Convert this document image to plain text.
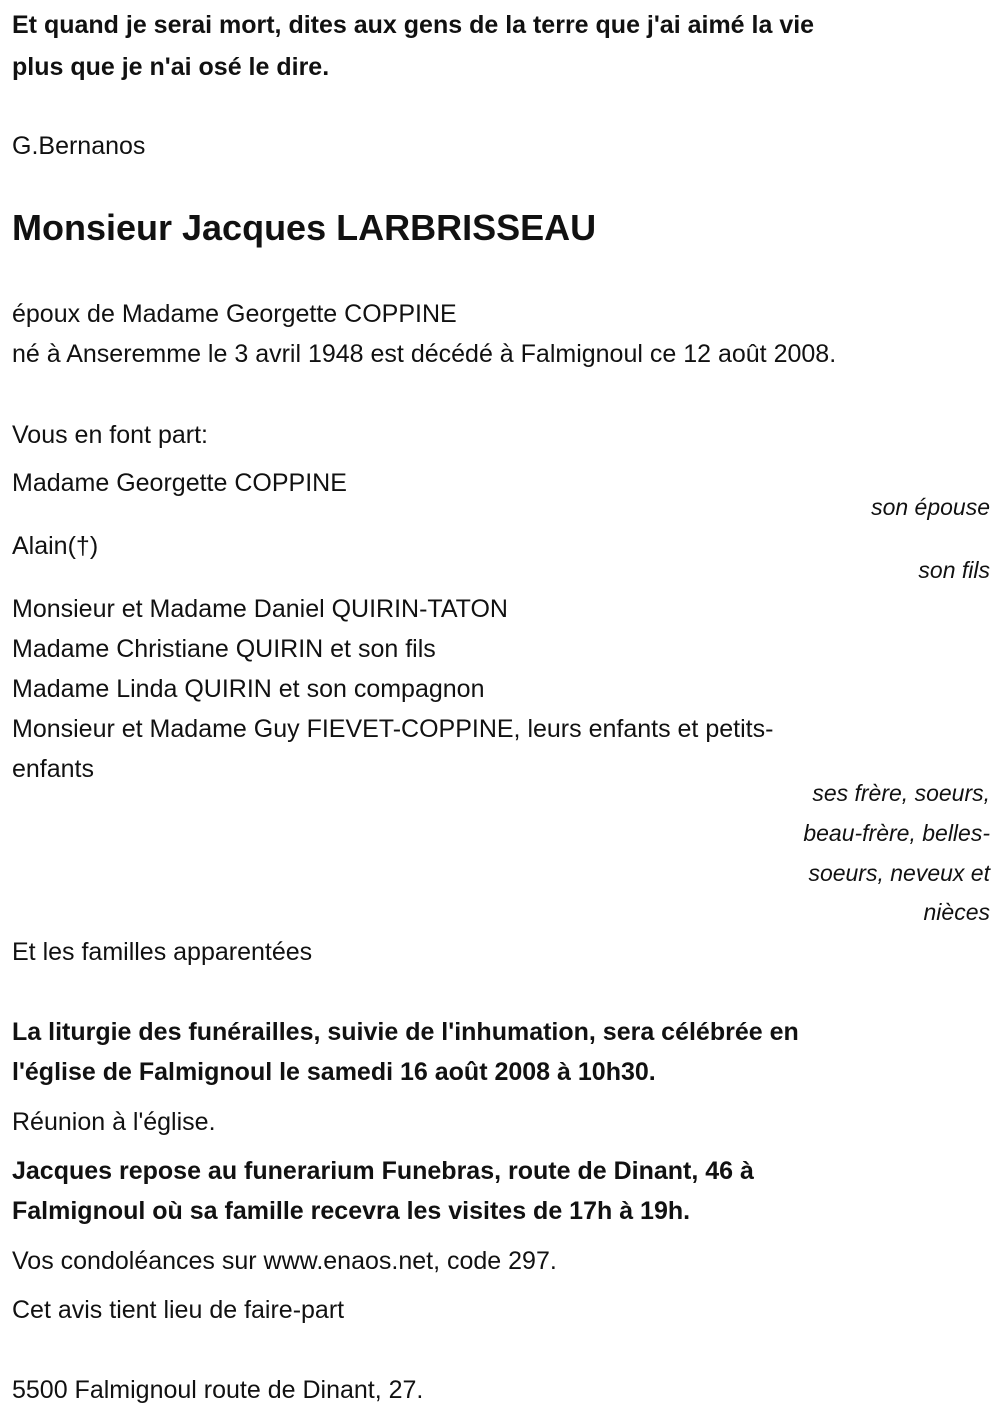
Et quand je serai mort, dites aux gens de la terre que j'ai aimé la vie
plus que je n'ai osé le dire.
G.Bernanos
Monsieur Jacques LARBRISSEAU
époux de Madame Georgette COPPINE
né à Anseremme le 3 avril 1948 est décédé à Falmignoul ce 12 août 2008.
Vous en font part:
Madame Georgette COPPINE
son épouse
Alain(†)
son fils
Monsieur et Madame Daniel QUIRIN-TATON
Madame Christiane QUIRIN et son fils
Madame Linda QUIRIN et son compagnon
Monsieur et Madame Guy FIEVET-COPPINE, leurs enfants et petits-
enfants
ses frère, soeurs,
beau-frère, belles-
soeurs, neveux et
nièces
Et les familles apparentées
La liturgie des funérailles, suivie de l'inhumation, sera célébrée en
l'église de Falmignoul le samedi 16 août 2008 à 10h30.
Réunion à l'église.
Jacques repose au funerarium Funebras, route de Dinant, 46 à
Falmignoul où sa famille recevra les visites de 17h à 19h.
Vos condoléances sur www.enaos.net, code 297.
Cet avis tient lieu de faire-part
5500 Falmignoul route de Dinant, 27.
